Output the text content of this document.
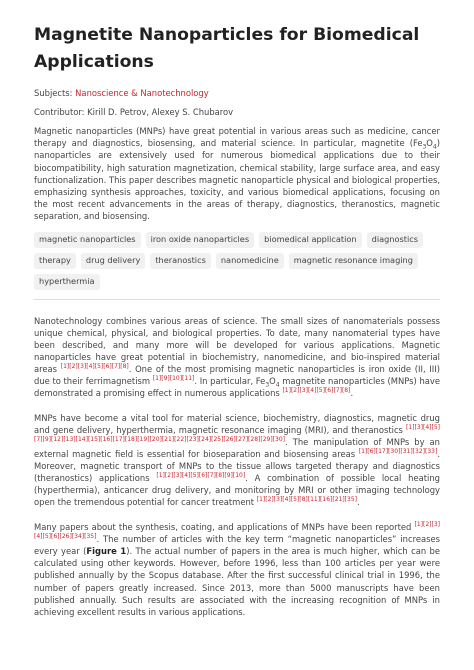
Magnetite Nanoparticles for Biomedical Applications
Subjects: Nanoscience & Nanotechnology
Contributor: Kirill D. Petrov, Alexey S. Chubarov

Magnetic nanoparticles (MNPs) have great potential in various areas such as medicine, cancer therapy and diagnostics, biosensing, and material science. In particular, magnetite $(Fe_3O_4)$ nanoparticles are extensively used for numerous biomedical applications due to their biocompatibility, high saturation magnetization, chemical stability, large surface area, and easy functionalization. This paper describes magnetic nanoparticle physical and biological properties, emphasizing synthesis approaches, toxicity, and various biomedical applications, focusing on the most recent advancements in the areas of therapy, diagnostics, theranostics, magnetic separation, and biosensing.

magnetic nanoparticles	iron oxide nanoparticles	biomedical application	diagnostics
therapy	drug delivery	theranostics	nanomedicine	magnetic resonance imaging
hyperthermia

Nanotechnology combines various areas of science. The small sizes of nanomaterials possess unique chemical, physical, and biological properties. To date, many nanomaterial types have been described, and many more will be developed for various applications. Magnetic nanoparticles have great potential in biochemistry, nanomedicine, and bio-inspired material areas [1][2][3][4][5][6][7][8]. One of the most promising magnetic nanoparticles is iron oxide (II, III) due to their ferrimagnetism [1][9][10][11]. In particular, $Fe_3O_4$ magnetite nanoparticles (MNPs) have demonstrated a promising effect in numerous applications [1][2][3][4][5][6][7][8].

MNPs have become a vital tool for material science, biochemistry, diagnostics, magnetic drug and gene delivery, hyperthermia, magnetic resonance imaging (MRI), and theranostics [1][3][4][5][7][9][12][13][14][15][16][17][18][19][20][21][22][23][24][25][26][27][28][29][30]. The manipulation of MNPs by an external magnetic field is essential for bioseparation and biosensing areas [1][6][17][30][31][32][33]. Moreover, magnetic transport of MNPs to the tissue allows targeted therapy and diagnostics (theranostics) applications [1][2][3][4][5][6][7][8][9][10]. A combination of possible local heating (hyperthermia), anticancer drug delivery, and monitoring by MRI or other imaging technology open the tremendous potential for cancer treatment [1][2][3][4][5][8][11][16][21][35].

Many papers about the synthesis, coating, and applications of MNPs have been reported [1][2][3][4][5][6][26][34][35]. The number of articles with the key term “magnetic nanoparticles” increases every year (Figure 1). The actual number of papers in the area is much higher, which can be calculated using other keywords. However, before 1996, less than 100 articles per year were published annually by the Scopus database. After the first successful clinical trial in 1996, the number of papers greatly increased. Since 2013, more than 5000 manuscripts have been published annually. Such results are associated with the increasing recognition of MNPs in achieving excellent results in various applications.
